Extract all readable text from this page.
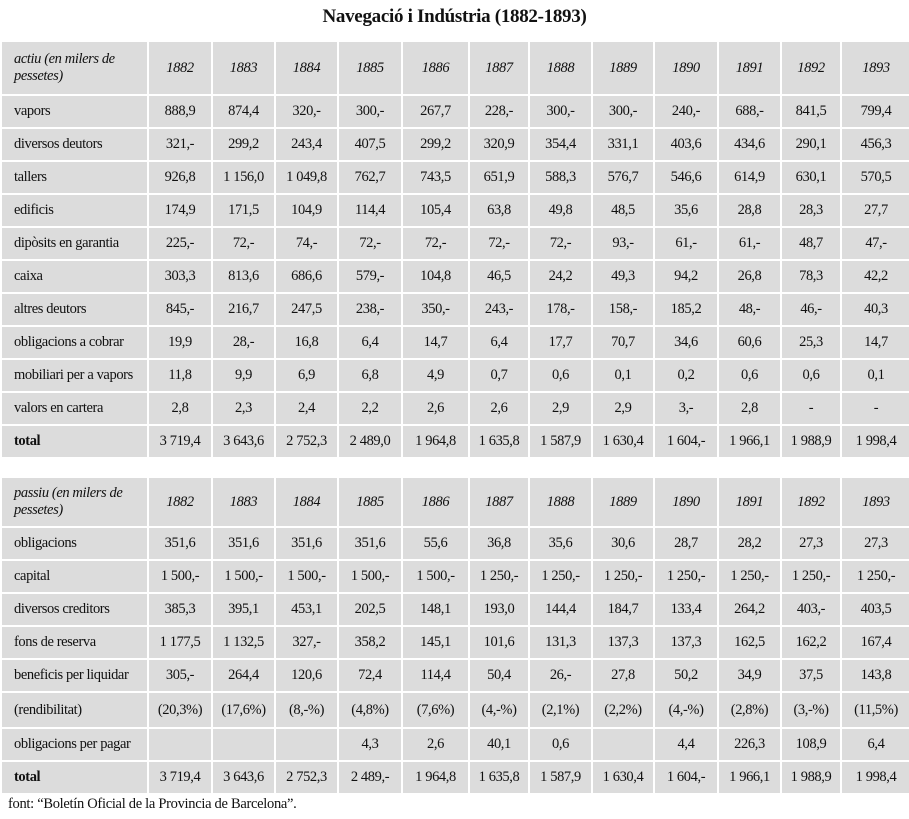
Navegació i Indústria (1882-1893)
actiu (en milers de pessetes)	1882	1883	1884	1885	1886	1887	1888	1889	1890	1891	1892	1893
vapors	888,9	874,4	320,-	300,-	267,7	228,-	300,-	300,-	240,-	688,-	841,5	799,4
diversos deutors	321,-	299,2	243,4	407,5	299,2	320,9	354,4	331,1	403,6	434,6	290,1	456,3
tallers	926,8	1 156,0	1 049,8	762,7	743,5	651,9	588,3	576,7	546,6	614,9	630,1	570,5
edificis	174,9	171,5	104,9	114,4	105,4	63,8	49,8	48,5	35,6	28,8	28,3	27,7
dipòsits en garantia	225,-	72,-	74,-	72,-	72,-	72,-	72,-	93,-	61,-	61,-	48,7	47,-
caixa	303,3	813,6	686,6	579,-	104,8	46,5	24,2	49,3	94,2	26,8	78,3	42,2
altres deutors	845,-	216,7	247,5	238,-	350,-	243,-	178,-	158,-	185,2	48,-	46,-	40,3
obligacions a cobrar	19,9	28,-	16,8	6,4	14,7	6,4	17,7	70,7	34,6	60,6	25,3	14,7
mobiliari per a vapors	11,8	9,9	6,9	6,8	4,9	0,7	0,6	0,1	0,2	0,6	0,6	0,1
valors en cartera	2,8	2,3	2,4	2,2	2,6	2,6	2,9	2,9	3,-	2,8	-	-
total	3 719,4	3 643,6	2 752,3	2 489,0	1 964,8	1 635,8	1 587,9	1 630,4	1 604,-	1 966,1	1 988,9	1 998,4
passiu (en milers de pessetes)	1882	1883	1884	1885	1886	1887	1888	1889	1890	1891	1892	1893
obligacions	351,6	351,6	351,6	351,6	55,6	36,8	35,6	30,6	28,7	28,2	27,3	27,3
capital	1 500,-	1 500,-	1 500,-	1 500,-	1 500,-	1 250,-	1 250,-	1 250,-	1 250,-	1 250,-	1 250,-	1 250,-
diversos creditors	385,3	395,1	453,1	202,5	148,1	193,0	144,4	184,7	133,4	264,2	403,-	403,5
fons de reserva	1 177,5	1 132,5	327,-	358,2	145,1	101,6	131,3	137,3	137,3	162,5	162,2	167,4
beneficis per liquidar	305,-	264,4	120,6	72,4	114,4	50,4	26,-	27,8	50,2	34,9	37,5	143,8
(rendibilitat)	(20,3%)	(17,6%)	(8,-%)	(4,8%)	(7,6%)	(4,-%)	(2,1%)	(2,2%)	(4,-%)	(2,8%)	(3,-%)	(11,5%)
obligacions per pagar				4,3	2,6	40,1	0,6		4,4	226,3	108,9	6,4
total	3 719,4	3 643,6	2 752,3	2 489,-	1 964,8	1 635,8	1 587,9	1 630,4	1 604,-	1 966,1	1 988,9	1 998,4
font: “Boletín Oficial de la Provincia de Barcelona”.
